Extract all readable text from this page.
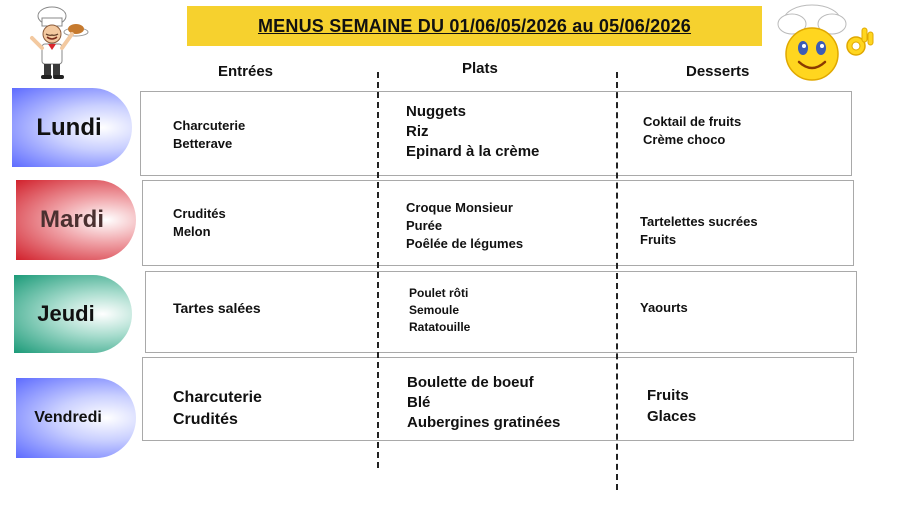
MENUS SEMAINE DU 01/06/05/2026 au 05/06/2026
Entrées	Plats	Desserts
Lundi
Mardi
Jeudi
Vendredi
Charcuterie
Betterave
Nuggets
Riz
Epinard à la crème
Coktail de fruits
Crème choco
Crudités
Melon
Croque Monsieur
Purée
Poêlée de légumes
Tartelettes sucrées
Fruits
Tartes salées
Poulet rôti
Semoule
Ratatouille
Yaourts
Charcuterie
Crudités
Boulette de boeuf
Blé
Aubergines gratinées
Fruits
Glaces
